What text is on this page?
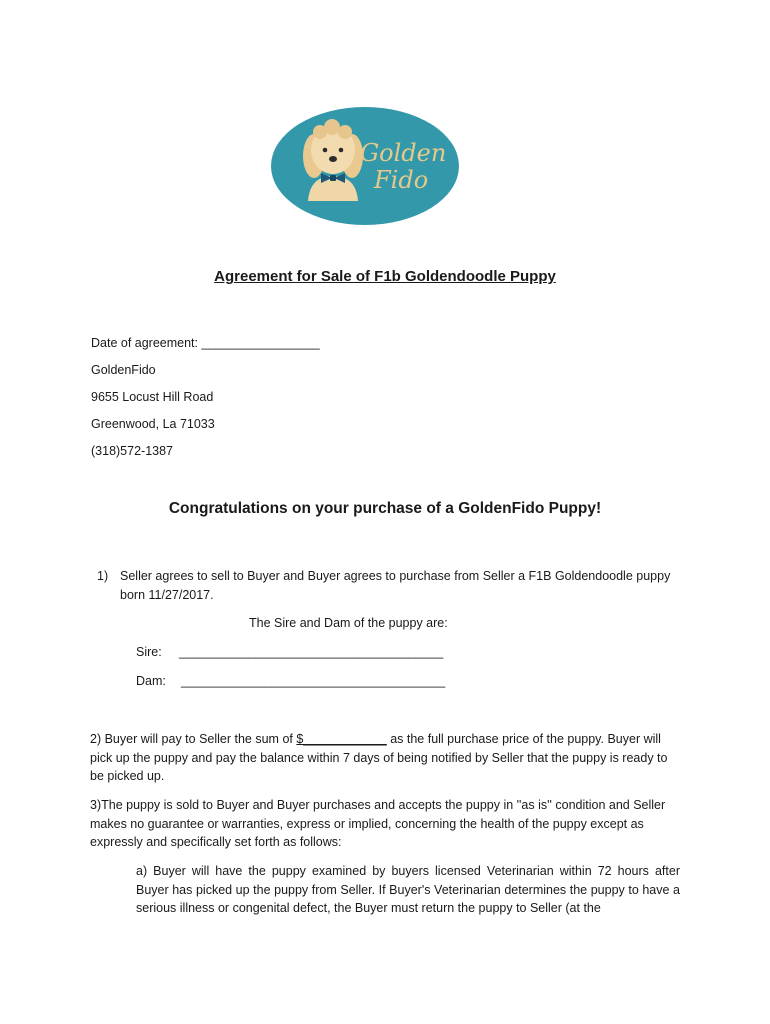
Golden
Fido
Agreement for Sale of F1b Goldendoodle Puppy
Date of agreement: _________________
GoldenFido
9655 Locust Hill Road
Greenwood, La 71033
(318)572-1387
Congratulations on your purchase of a GoldenFido Puppy!
1) Seller agrees to sell to Buyer and Buyer agrees to purchase from Seller a F1B Goldendoodle puppy
born 11/27/2017.
The Sire and Dam of the puppy are:
Sire: ______________________________________
Dam: ______________________________________
2) Buyer will pay to Seller the sum of $____________ as the full purchase price of the puppy. Buyer will pick up the puppy and pay the balance within 7 days of being notified by Seller that the puppy is ready to be picked up.
3)The puppy is sold to Buyer and Buyer purchases and accepts the puppy in ''as is'' condition and Seller makes no guarantee or warranties, express or implied, concerning the health of the puppy except as expressly and specifically set forth as follows:
a) Buyer will have the puppy examined by buyers licensed Veterinarian within 72 hours after Buyer has picked up the puppy from Seller. If Buyer's Veterinarian determines the puppy to have a serious illness or congenital defect, the Buyer must return the puppy to Seller (at the
